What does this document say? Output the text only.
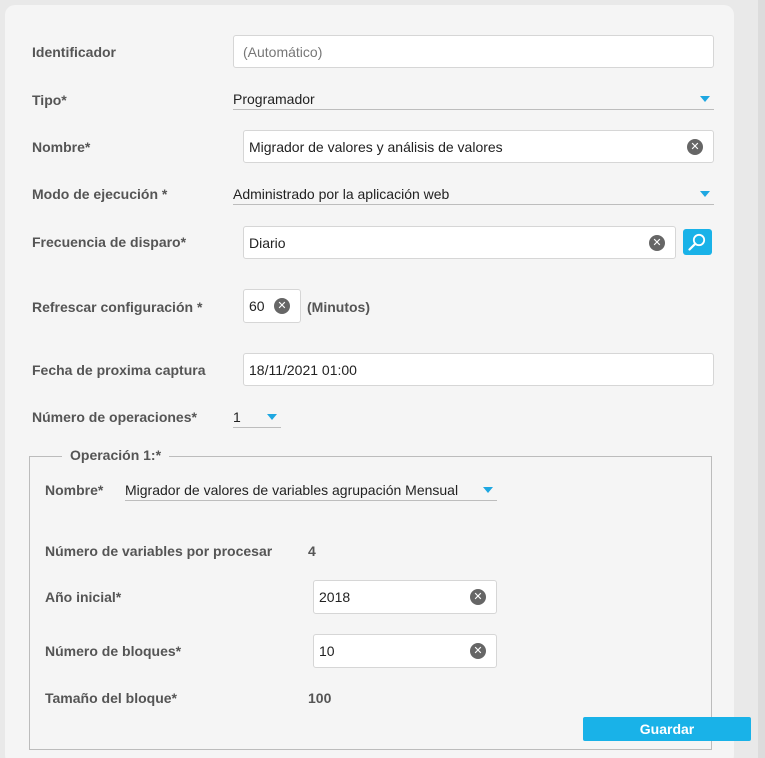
Identificador	(Automático)
Tipo*	Programador
Nombre*	Migrador de valores y análisis de valores	✕
Modo de ejecución *	Administrado por la aplicación web
Frecuencia de disparo*	Diario	✕
Refrescar configuración *	60	✕ (Minutos)
Fecha de proxima captura	18/11/2021 01:00
Número de operaciones*	1
Operación 1:*
Nombre* Migrador de valores de variables agrupación Mensual
Número de variables por procesar	4
Año inicial*	2018	✕
Número de bloques*	10	✕
Tamaño del bloque*	100
Guardar
